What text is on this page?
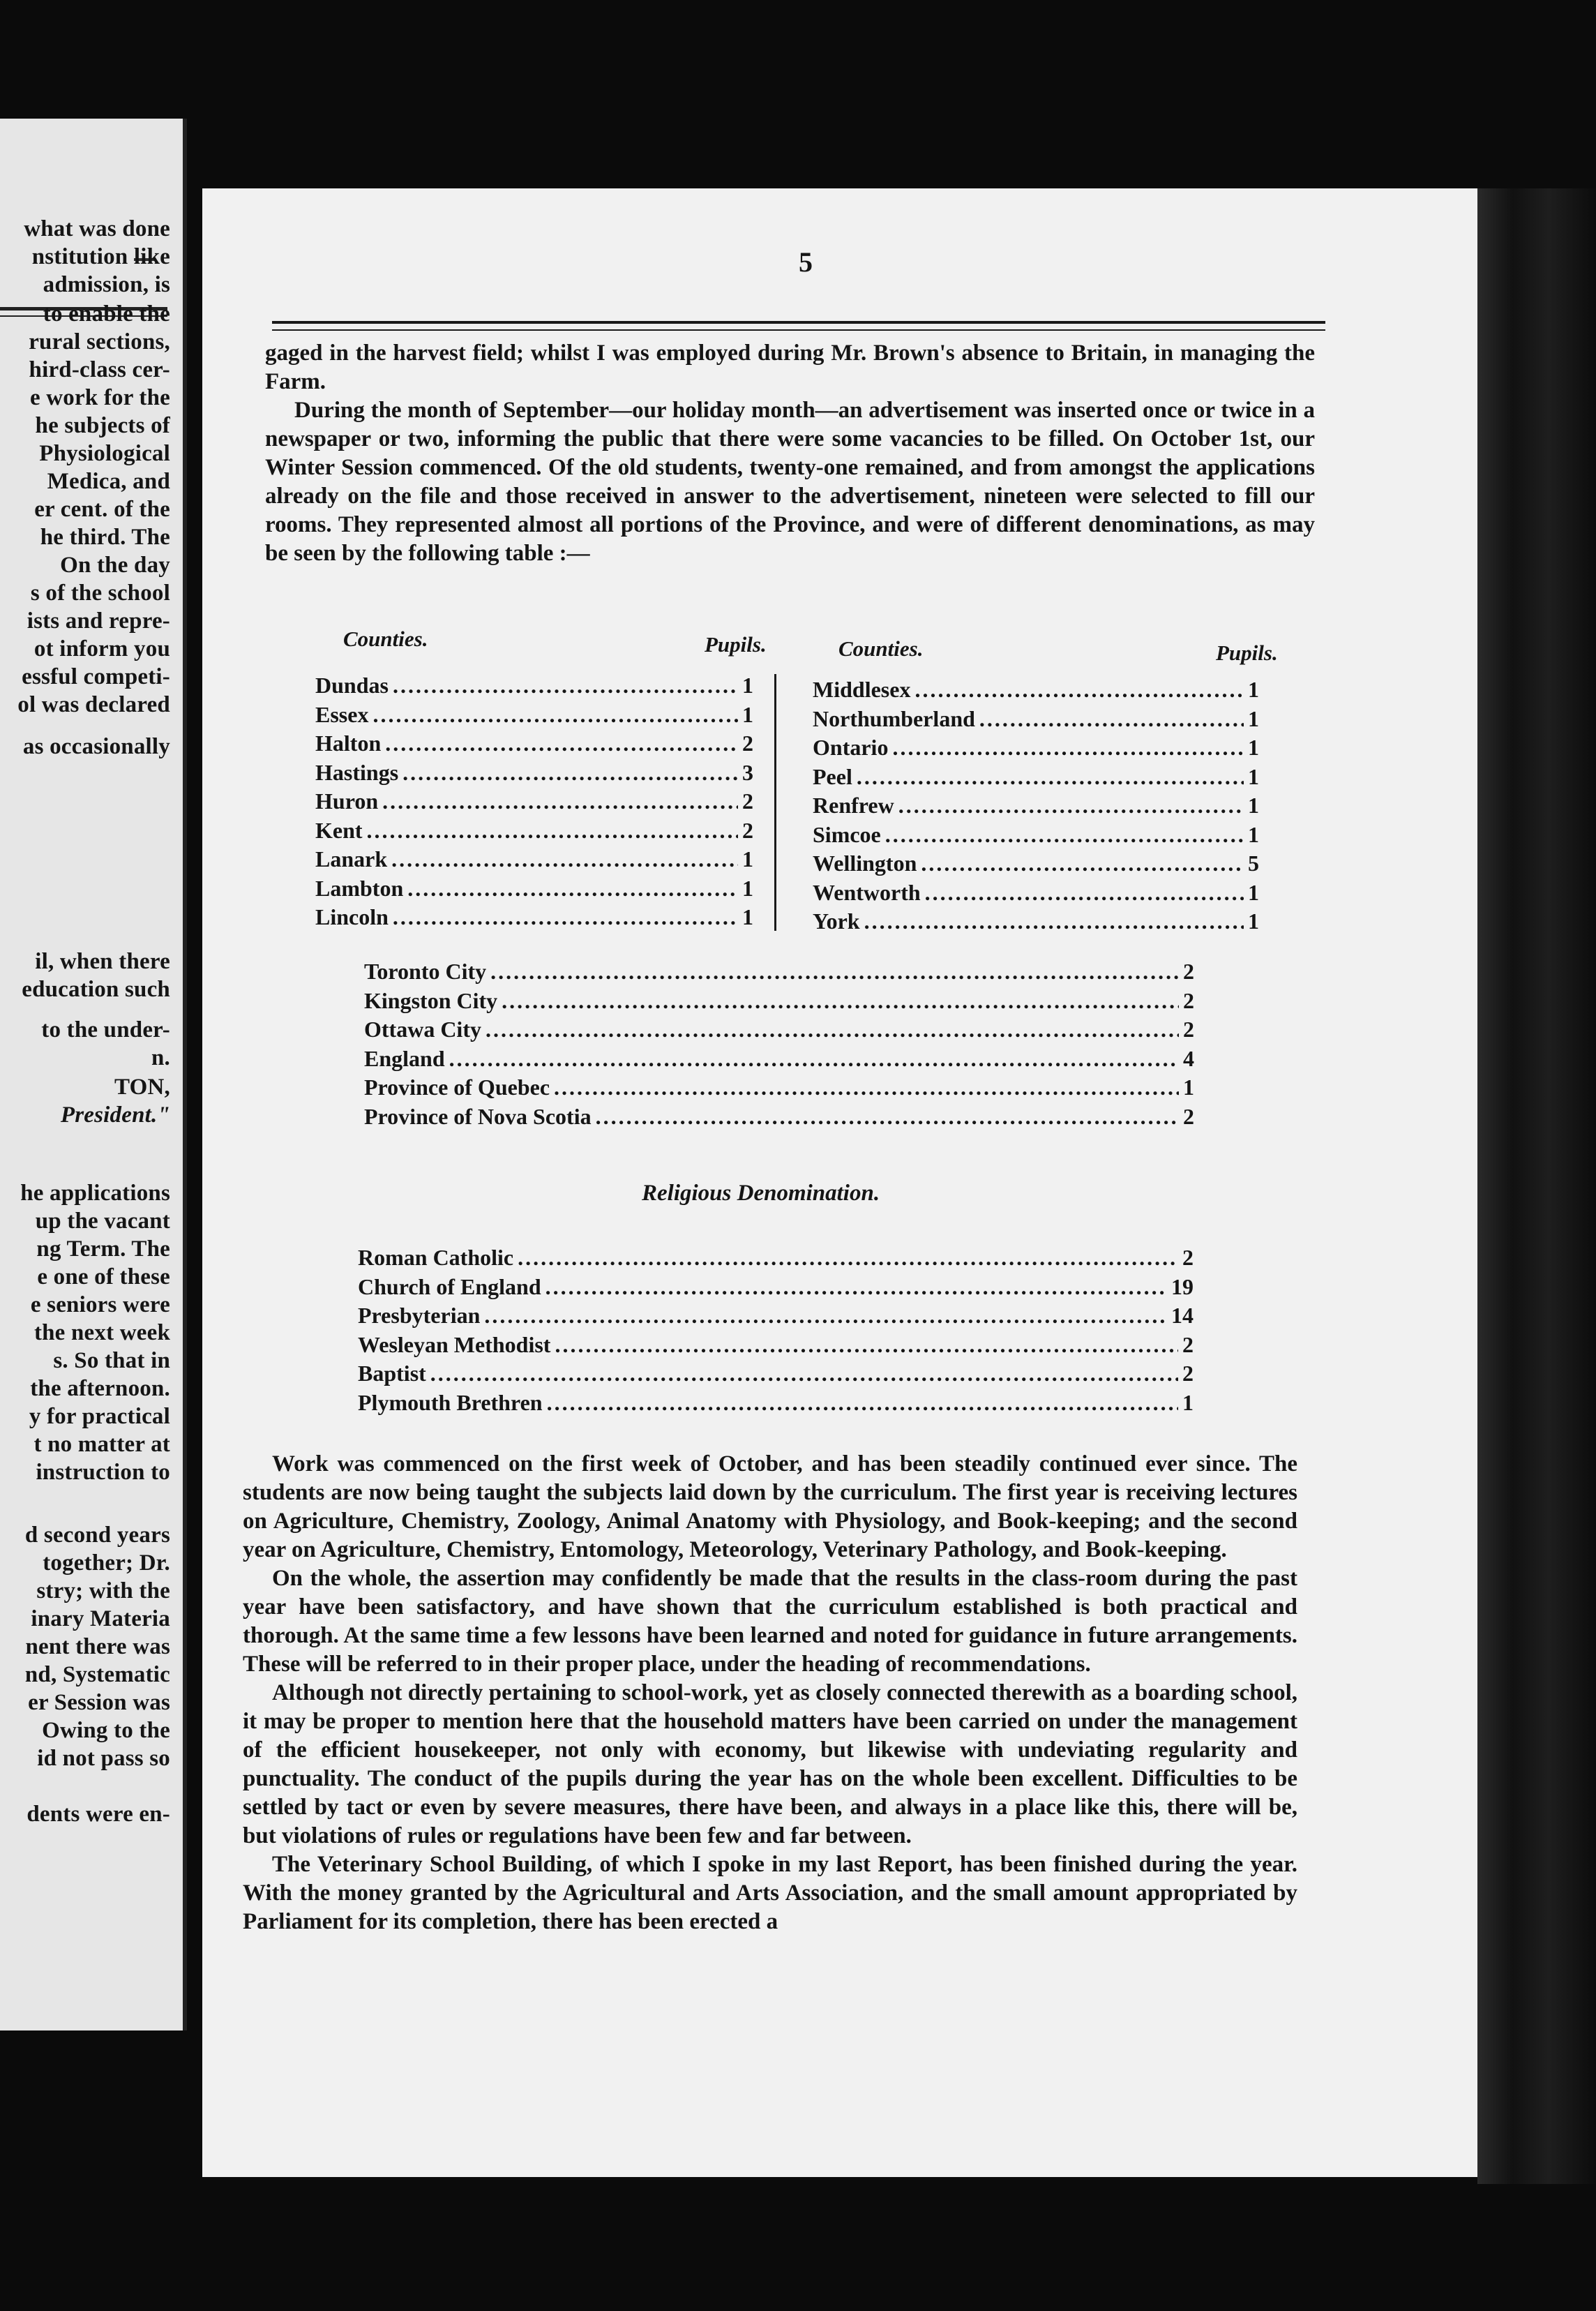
what was done
nstitution like
admission, is
to enable the
rural sections,
hird-class cer-
e work for the
he subjects of
Physiological
Medica, and
er cent. of the
he third. The
On the day
s of the school
ists and repre-
ot inform you
essful competi-
ol was declared
as occasionally
il, when there
education such
to the under-
n.
TON,
President."
he applications
up the vacant
ng Term. The
e one of these
e seniors were
the next week
s. So that in
the afternoon.
y for practical
t no matter at
instruction to
d second years
together; Dr.
stry; with the
inary Materia
nent there was
nd, Systematic
er Session was
Owing to the
id not pass so
dents were en-
5

gaged in the harvest field; whilst I was employed during Mr. Brown's absence to Britain, in managing the Farm.

During the month of September—our holiday month—an advertisement was inserted once or twice in a newspaper or two, informing the public that there were some vacancies to be filled. On October 1st, our Winter Session commenced. Of the old students, twenty-one remained, and from amongst the applications already on the file and those received in answer to the advertisement, nineteen were selected to fill our rooms. They represented almost all portions of the Province, and were of different denominations, as may be seen by the following table :—

Counties.	Pupils.	Counties.	Pupils.
Dundas .....	1
Essex .....	1
Halton .....	2
Hastings .....	3
Huron .....	2
Kent .....	2
Lanark .....	1
Lambton .....	1
Lincoln .....	1
Middlesex .....	1
Northumberland .....	1
Ontario .....	1
Peel .....	1
Renfrew .....	1
Simcoe .....	1
Wellington .....	5
Wentworth .....	1
York .....	1
Toronto City .....	2
Kingston City .....	2
Ottawa City .....	2
England .....	4
Province of Quebec .....	1
Province of Nova Scotia .....	2
Religious Denomination.
Roman Catholic .....	2
Church of England .....	19
Presbyterian .....	14
Wesleyan Methodist .....	2
Baptist .....	2
Plymouth Brethren .....	1

Work was commenced on the first week of October, and has been steadily continued ever since. The students are now being taught the subjects laid down by the curriculum. The first year is receiving lectures on Agriculture, Chemistry, Zoology, Animal Anatomy with Physiology, and Book-keeping; and the second year on Agriculture, Chemistry, Entomology, Meteorology, Veterinary Pathology, and Book-keeping.

On the whole, the assertion may confidently be made that the results in the class-room during the past year have been satisfactory, and have shown that the curriculum established is both practical and thorough. At the same time a few lessons have been learned and noted for guidance in future arrangements. These will be referred to in their proper place, under the heading of recommendations.

Although not directly pertaining to school-work, yet as closely connected therewith as a boarding school, it may be proper to mention here that the household matters have been carried on under the management of the efficient housekeeper, not only with economy, but likewise with undeviating regularity and punctuality. The conduct of the pupils during the year has on the whole been excellent. Difficulties to be settled by tact or even by severe measures, there have been, and always in a place like this, there will be, but violations of rules or regulations have been few and far between.

The Veterinary School Building, of which I spoke in my last Report, has been finished during the year. With the money granted by the Agricultural and Arts Association, and the small amount appropriated by Parliament for its completion, there has been erected a
